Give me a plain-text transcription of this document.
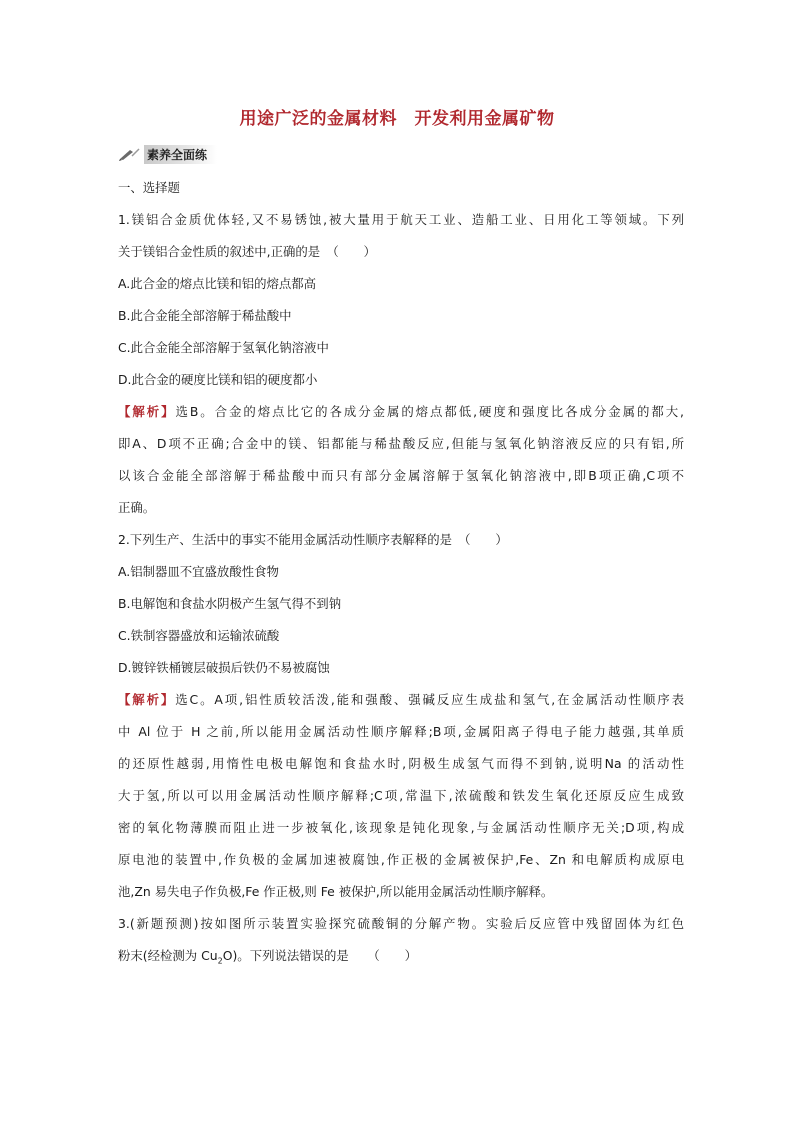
用途广泛的金属材料　开发利用金属矿物
素养全面练
一、选择题
1.镁铝合金质优体轻,又不易锈蚀,被大量用于航天工业、造船工业、日用化工等领域。下列
关于镁铝合金性质的叙述中,正确的是　（　　）
A.此合金的熔点比镁和铝的熔点都高
B.此合金能全部溶解于稀盐酸中
C.此合金能全部溶解于氢氧化钠溶液中
D.此合金的硬度比镁和铝的硬度都小
【解析】选B。合金的熔点比它的各成分金属的熔点都低,硬度和强度比各成分金属的都大,
即A、D项不正确;合金中的镁、铝都能与稀盐酸反应,但能与氢氧化钠溶液反应的只有铝,所
以该合金能全部溶解于稀盐酸中而只有部分金属溶解于氢氧化钠溶液中,即B项正确,C项不
正确。
2.下列生产、生活中的事实不能用金属活动性顺序表解释的是　（　　）
A.铝制器皿不宜盛放酸性食物
B.电解饱和食盐水阴极产生氢气得不到钠
C.铁制容器盛放和运输浓硫酸
D.镀锌铁桶镀层破损后铁仍不易被腐蚀
【解析】选C。A项,铝性质较活泼,能和强酸、强碱反应生成盐和氢气,在金属活动性顺序表
中 Al 位于 H 之前,所以能用金属活动性顺序解释;B项,金属阳离子得电子能力越强,其单质
的还原性越弱,用惰性电极电解饱和食盐水时,阴极生成氢气而得不到钠,说明Na 的活动性
大于氢,所以可以用金属活动性顺序解释;C项,常温下,浓硫酸和铁发生氧化还原反应生成致
密的氧化物薄膜而阻止进一步被氧化,该现象是钝化现象,与金属活动性顺序无关;D项,构成
原电池的装置中,作负极的金属加速被腐蚀,作正极的金属被保护,Fe、Zn 和电解质构成原电
池,Zn 易失电子作负极,Fe 作正极,则 Fe 被保护,所以能用金属活动性顺序解释。
3.(新题预测)按如图所示装置实验探究硫酸铜的分解产物。实验后反应管中残留固体为红色
粉末(经检测为 $Cu_2O$)。下列说法错误的是　　（　　）
